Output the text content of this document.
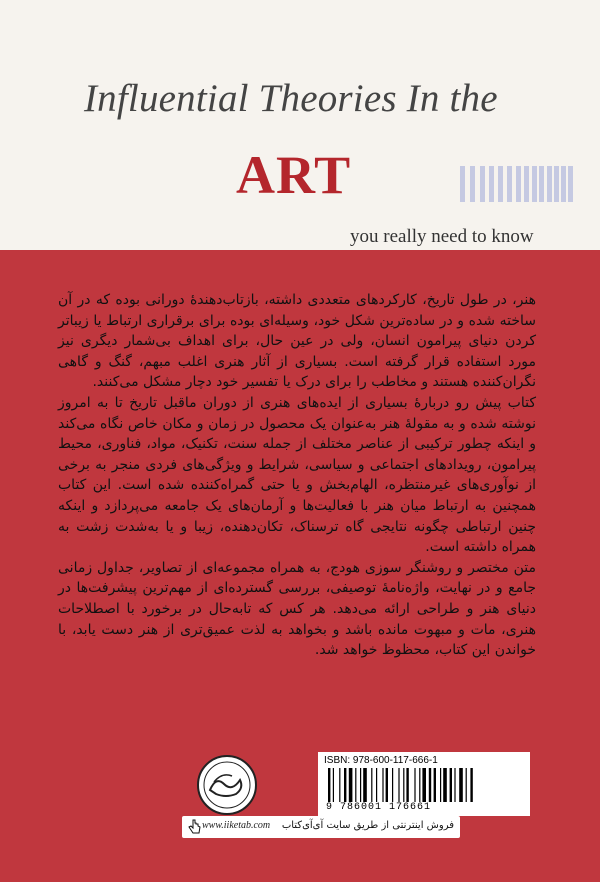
Influential Theories In the
ART
you really need to know

هنر، در طول تاریخ، کارکردهای متعددی داشته، بازتاب‌دهندهٔ دورانی بوده که در آن ساخته شده و در ساده‌ترین شکل خود، وسیله‌ای بوده برای برقراری ارتباط یا زیباتر کردن دنیای پیرامون انسان، ولی در عین حال، برای اهداف بی‌شمار دیگری نیز مورد استفاده قرار گرفته است. بسیاری از آثار هنری اغلب مبهم، گنگ و گاهی نگران‌کننده هستند و مخاطب را برای درک یا تفسیر خود دچار مشکل می‌کنند.

کتاب پیش رو دربارهٔ بسیاری از ایده‌های هنری از دوران ماقبل تاریخ تا به امروز نوشته شده و به مقولهٔ هنر به‌عنوان یک محصول در زمان و مکان خاص نگاه می‌کند و اینکه چطور ترکیبی از عناصر مختلف از جمله سنت، تکنیک، مواد، فناوری، محیط پیرامون، رویدادهای اجتماعی و سیاسی، شرایط و ویژگی‌های فردی منجر به برخی از نوآوری‌های غیرمنتظره، الهام‌بخش و یا حتی گمراه‌کننده شده است. این کتاب همچنین به ارتباط میان هنر با فعالیت‌ها و آرمان‌های یک جامعه می‌پردازد و اینکه چنین ارتباطی چگونه نتایجی گاه ترسناک، تکان‌دهنده، زیبا و یا به‌شدت زشت به همراه داشته است.

متن مختصر و روشنگر سوزی هودج، به همراه مجموعه‌ای از تصاویر، جداول زمانی جامع و در نهایت، واژه‌نامهٔ توصیفی، بررسی گسترده‌ای از مهم‌ترین پیشرفت‌ها در دنیای هنر و طراحی ارائه می‌دهد. هر کس که تابه‌حال در برخورد با اصطلاحات هنری، مات و مبهوت مانده باشد و بخواهد به لذت عمیق‌تری از هنر دست یابد، با خواندن این کتاب، محظوظ خواهد شد.

ISBN: 978-600-117-666-1
9 786001 176661
www.iiketab.com فروش اینترنتی از طریق سایت آی‌آی‌کتاب
